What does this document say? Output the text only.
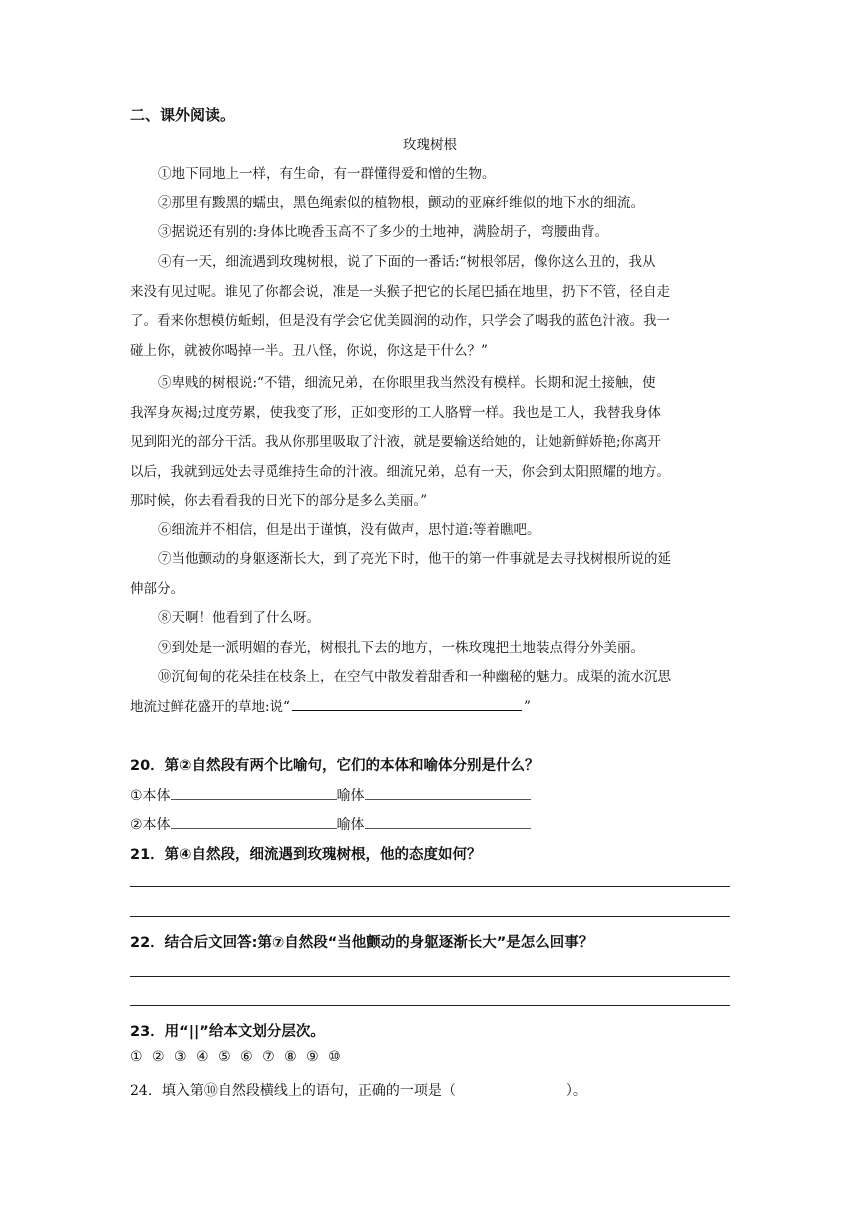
二、课外阅读。
玫瑰树根
①地下同地上一样，有生命，有一群懂得爱和憎的生物。
②那里有黢黑的蠕虫，黑色绳索似的植物根，颤动的亚麻纤维似的地下水的细流。
③据说还有别的:身体比晚香玉高不了多少的土地神，满脸胡子，弯腰曲背。
④有一天，细流遇到玫瑰树根，说了下面的一番话:“树根邻居，像你这么丑的，我从
来没有见过呢。谁见了你都会说，准是一头猴子把它的长尾巴插在地里，扔下不管，径自走
了。看来你想模仿蚯蚓，但是没有学会它优美圆润的动作，只学会了喝我的蓝色汁液。我一
碰上你，就被你喝掉一半。丑八怪，你说，你这是干什么？”
⑤卑贱的树根说:“不错，细流兄弟，在你眼里我当然没有模样。长期和泥土接触，使
我浑身灰褐;过度劳累，使我变了形，正如变形的工人胳臂一样。我也是工人，我替我身体
见到阳光的部分干活。我从你那里吸取了汁液，就是要输送给她的，让她新鲜娇艳;你离开
以后，我就到远处去寻觅维持生命的汁液。细流兄弟，总有一天，你会到太阳照耀的地方。
那时候，你去看看我的日光下的部分是多么美丽。”
⑥细流并不相信，但是出于谨慎，没有做声，思忖道:等着瞧吧。
⑦当他颤动的身躯逐渐长大，到了亮光下时，他干的第一件事就是去寻找树根所说的延
伸部分。
⑧天啊！他看到了什么呀。
⑨到处是一派明媚的春光，树根扎下去的地方，一株玫瑰把土地装点得分外美丽。
⑩沉甸甸的花朵挂在枝条上，在空气中散发着甜香和一种幽秘的魅力。成渠的流水沉思
地流过鲜花盛开的草地:说“	”
20．第②自然段有两个比喻句，它们的本体和喻体分别是什么？
①本体	喻体
②本体	喻体
21．第④自然段，细流遇到玫瑰树根，他的态度如何？
22．结合后文回答:第⑦自然段“当他颤动的身躯逐渐长大”是怎么回事？
23．用“||”给本文划分层次。
① ② ③ ④ ⑤ ⑥ ⑦ ⑧ ⑨ ⑩
24．填入第⑩自然段横线上的语句，正确的一项是（	）。
